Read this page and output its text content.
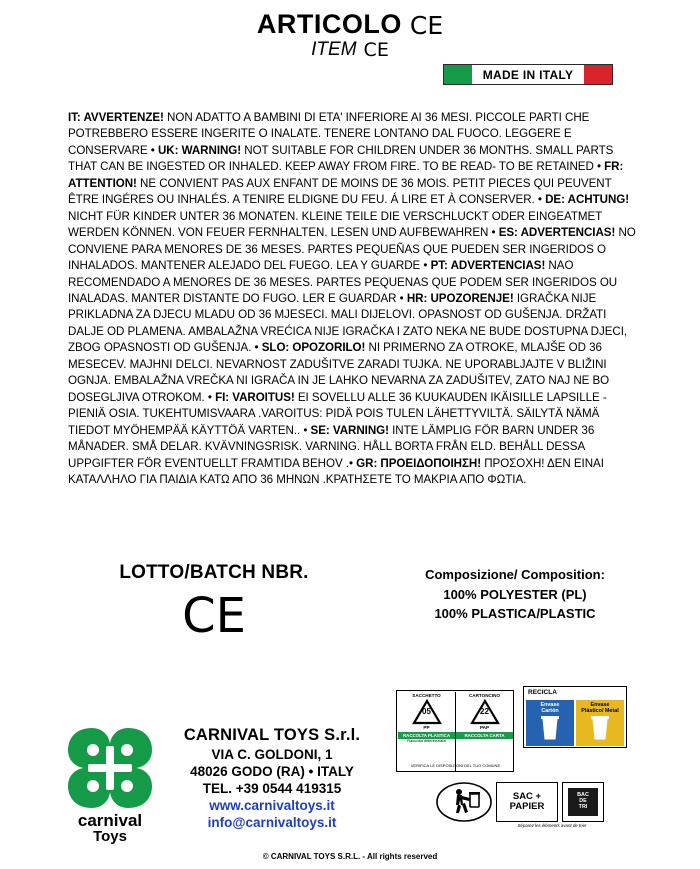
ARTICOLO CE
ITEM CE
MADE IN ITALY
IT: AVVERTENZE! NON ADATTO A BAMBINI DI ETA' INFERIORE AI 36 MESI. PICCOLE PARTI CHE POTREBBERO ESSERE INGERITE O INALATE. TENERE LONTANO DAL FUOCO. LEGGERE E CONSERVARE • UK: WARNING! NOT SUITABLE FOR CHILDREN UNDER 36 MONTHS. SMALL PARTS THAT CAN BE INGESTED OR INHALED. KEEP AWAY FROM FIRE. TO BE READ- TO BE RETAINED • FR: ATTENTION! NE CONVIENT PAS AUX ENFANT DE MOINS DE 36 MOIS. PETIT PIECES QUI PEUVENT ÊTRE INGÉRES OU INHALÉS. A TENIRE ELDIGNE DU FEU. Á LIRE ET À CONSERVER. • DE: ACHTUNG! NICHT FÜR KINDER UNTER 36 MONATEN. KLEINE TEILE DIE VERSCHLUCKT ODER EINGEATMET WERDEN KÖNNEN. VON FEUER FERNHALTEN. LESEN UND AUFBEWAHREN • ES: ADVERTENCIAS! NO CONVIENE PARA MENORES DE 36 MESES. PARTES PEQUEÑAS QUE PUEDEN SER INGERIDOS O INHALADOS. MANTENER ALEJADO DEL FUEGO. LEA Y GUARDE • PT: ADVERTENCIAS! NAO RECOMENDADO A MENORES DE 36 MESES. PARTES PEQUENAS QUE PODEM SER INGERIDOS OU INALADAS. MANTER DISTANTE DO FUGO. LER E GUARDAR • HR: UPOZORENJE! IGRAČKA NIJE PRIKLADNA ZA DJECU MLADU OD 36 MJESECI. MALI DIJELOVI. OPASNOST OD GUŠENJA. DRŽATI DALJE OD PLAMENA. AMBALAŽNA VREĆICA NIJE IGRAČKA I ZATO NEKA NE BUDE DOSTUPNA DJECI, ZBOG OPASNOSTI OD GUŠENJA. • SLO: OPOZORILO! NI PRIMERNO ZA OTROKE, MLAJŠE OD 36 MESECEV. MAJHNI DELCI. NEVARNOST ZADUŠITVE ZARADI TUJKA. NE UPORABLJAJTE V BLIŽINI OGNJA. EMBALAŽNA VREČKA NI IGRAČA IN JE LAHKO NEVARNA ZA ZADUŠITEV, ZATO NAJ NE BO DOSEGLJIVA OTROKOM. • FI: VAROITUS! EI SOVELLU ALLE 36 KUUKAUDEN IKÄISILLE LAPSILLE - PIENIÄ OSIA. TUKEHTUMISVAARA .VAROITUS: PIDÄ POIS TULEN LÄHETTYVILTÄ. SÄILYTÄ NÄMÄ TIEDOT MYÖHEMPÄÄ KÄYTTÖÄ VARTEN.. • SE: VARNING! INTE LÄMPLIG FÖR BARN UNDER 36 MÅNADER. SMÅ DELAR. KVÄVNINGSRISK. VARNING. HÅLL BORTA FRÅN ELD. BEHÅLL DESSA UPPGIFTER FÖR EVENTUELLT FRAMTIDA BEHOV .• GR: ΠΡΟΕΙΔΟΠΟΙΗΣΗ! ΠΡΟΣΟΧΗ! ΔΕΝ ΕΙΝΑΙ ΚΑΤΑΛΛΗΛΟ ΓΙΑ ΠΑΙΔΙΑ ΚΑΤΩ ΑΠΟ 36 ΜΗΝΩΝ .ΚΡΑΤΗΣΕΤΕ ΤΟ ΜΑΚΡΙΑ ΑΠΟ ΦΩΤΙΑ.
LOTTO/BATCH NBR.
CE
Composizione/ Composition:
100% POLYESTER (PL)
100% PLASTICA/PLASTIC
carnival
Toys
CARNIVAL TOYS S.r.l.
VIA C. GOLDONI, 1
48026 GODO (RA) • ITALY
TEL. +39 0544 419315
www.carnivaltoys.it
info@carnivaltoys.it
SACCHETTO
05
PP
RACCOLTA PLASTICA
Raccolta differenziata
CARTONCINO
22
PAP
RACCOLTA CARTA
VERIFICA LE DISPOSIZIONI DEL TUO COMUNE.
RECICLA
Envase
Cartón
Envase
Plástico/ Metal
SAC +
PAPIER
BAC
DE
TRI
Séparez les éléments avant de trier
© CARNIVAL TOYS S.R.L. - All rights reserved
